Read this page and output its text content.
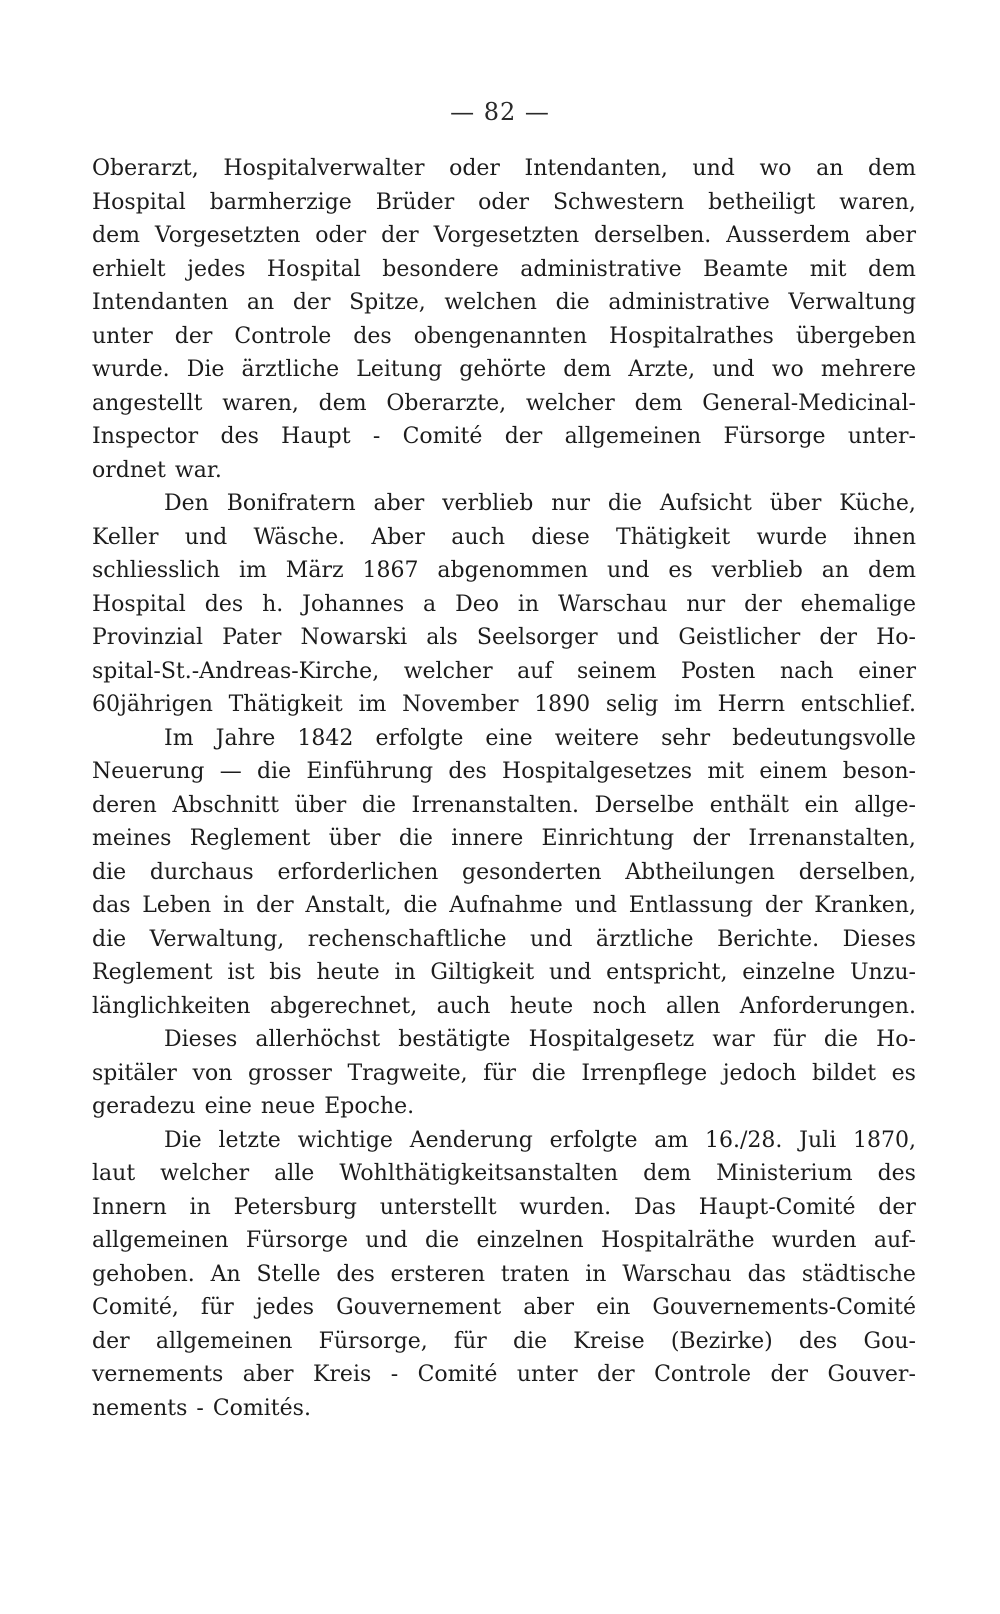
— 82 —
Oberarzt, Hospitalverwalter oder Intendanten, und wo an dem
Hospital barmherzige Brüder oder Schwestern betheiligt waren,
dem Vorgesetzten oder der Vorgesetzten derselben. Ausserdem aber
erhielt jedes Hospital besondere administrative Beamte mit dem
Intendanten an der Spitze, welchen die administrative Verwaltung
unter der Controle des obengenannten Hospitalrathes übergeben
wurde. Die ärztliche Leitung gehörte dem Arzte, und wo mehrere
angestellt waren, dem Oberarzte, welcher dem General-Medicinal-
Inspector des Haupt - Comité der allgemeinen Fürsorge unter-
ordnet war.
Den Bonifratern aber verblieb nur die Aufsicht über Küche,
Keller und Wäsche. Aber auch diese Thätigkeit wurde ihnen
schliesslich im März 1867 abgenommen und es verblieb an dem
Hospital des h. Johannes a Deo in Warschau nur der ehemalige
Provinzial Pater Nowarski als Seelsorger und Geistlicher der Ho-
spital-St.-Andreas-Kirche, welcher auf seinem Posten nach einer
60jährigen Thätigkeit im November 1890 selig im Herrn entschlief.
Im Jahre 1842 erfolgte eine weitere sehr bedeutungsvolle
Neuerung — die Einführung des Hospitalgesetzes mit einem beson-
deren Abschnitt über die Irrenanstalten. Derselbe enthält ein allge-
meines Reglement über die innere Einrichtung der Irrenanstalten,
die durchaus erforderlichen gesonderten Abtheilungen derselben,
das Leben in der Anstalt, die Aufnahme und Entlassung der Kranken,
die Verwaltung, rechenschaftliche und ärztliche Berichte. Dieses
Reglement ist bis heute in Giltigkeit und entspricht, einzelne Unzu-
länglichkeiten abgerechnet, auch heute noch allen Anforderungen.
Dieses allerhöchst bestätigte Hospitalgesetz war für die Ho-
spitäler von grosser Tragweite, für die Irrenpflege jedoch bildet es
geradezu eine neue Epoche.
Die letzte wichtige Aenderung erfolgte am 16./28. Juli 1870,
laut welcher alle Wohlthätigkeitsanstalten dem Ministerium des
Innern in Petersburg unterstellt wurden. Das Haupt-Comité der
allgemeinen Fürsorge und die einzelnen Hospitalräthe wurden auf-
gehoben. An Stelle des ersteren traten in Warschau das städtische
Comité, für jedes Gouvernement aber ein Gouvernements-Comité
der allgemeinen Fürsorge, für die Kreise (Bezirke) des Gou-
vernements aber Kreis - Comité unter der Controle der Gouver-
nements - Comités.
